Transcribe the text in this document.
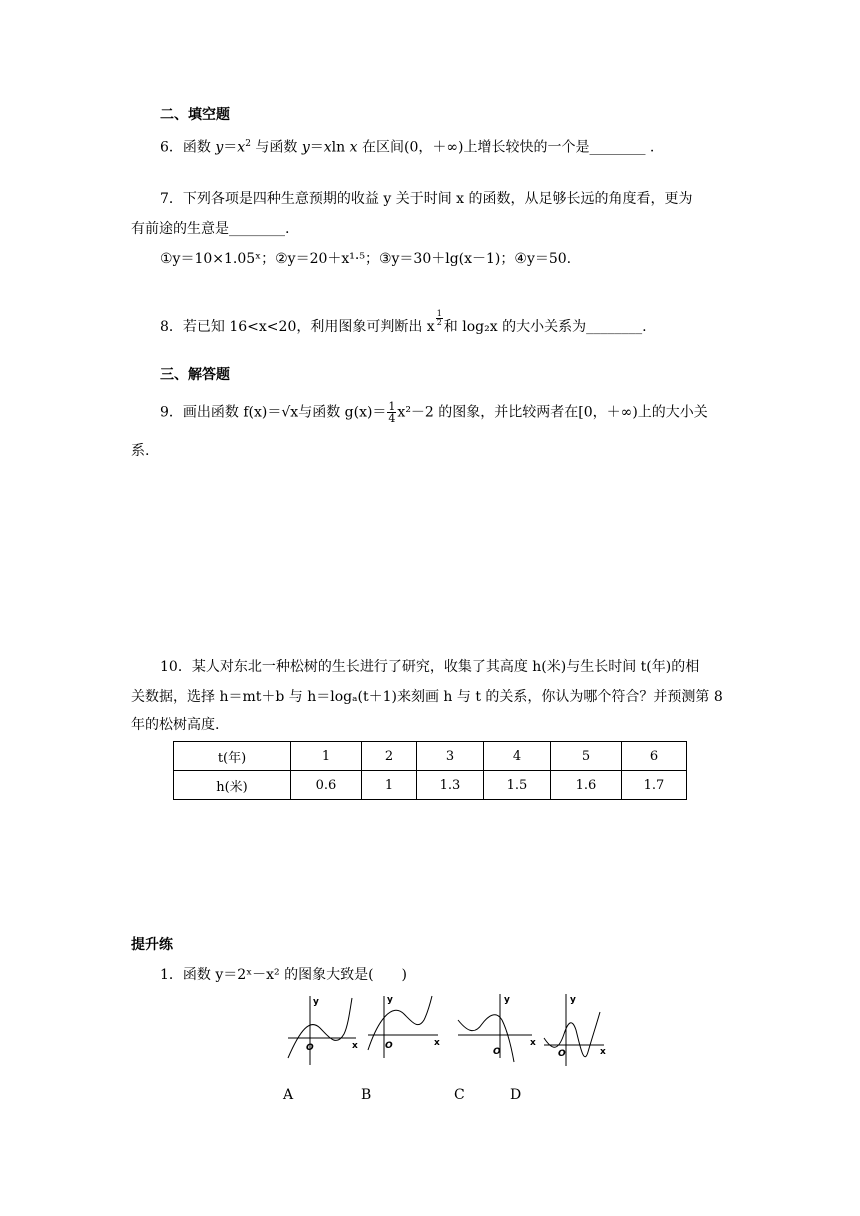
二、填空题
6．函数 $y=x^2$ 与函数 y＝xln x 在区间(0，＋∞)上增长较快的一个是________ .
7．下列各项是四种生意预期的收益 y 关于时间 x 的函数，从足够长远的角度看，更为
有前途的生意是________.
①y＝10×1.05ˣ；②y＝20＋x¹·⁵；③y＝30＋lg(x－1)；④y＝50.
8．若已知 16<x<20，利用图象可判断出 x $\frac{1}{2}$ 和 log₂x 的大小关系为________.
三、解答题
9．画出函数 f(x)＝√x与函数 $g(x)= \frac{1}{4} x^2-2$ 的图象，并比较两者在[0，＋∞)上的大小关
系.
10．某人对东北一种松树的生长进行了研究，收集了其高度 h(米)与生长时间 t(年)的相
关数据，选择 h＝mt＋b 与 h＝logₐ(t＋1)来刻画 h 与 t 的关系，你认为哪个符合？并预测第 8
年的松树高度.
t(年)	1	2	3	4	5	6
h(米)	0.6	1	1.3	1.5	1.6	1.7
提升练
1．函数 y＝2ˣ－x² 的图象大致是(　　)
y
x
O
y
x
O
y
x
O
y
x
O
A	B	C	D
